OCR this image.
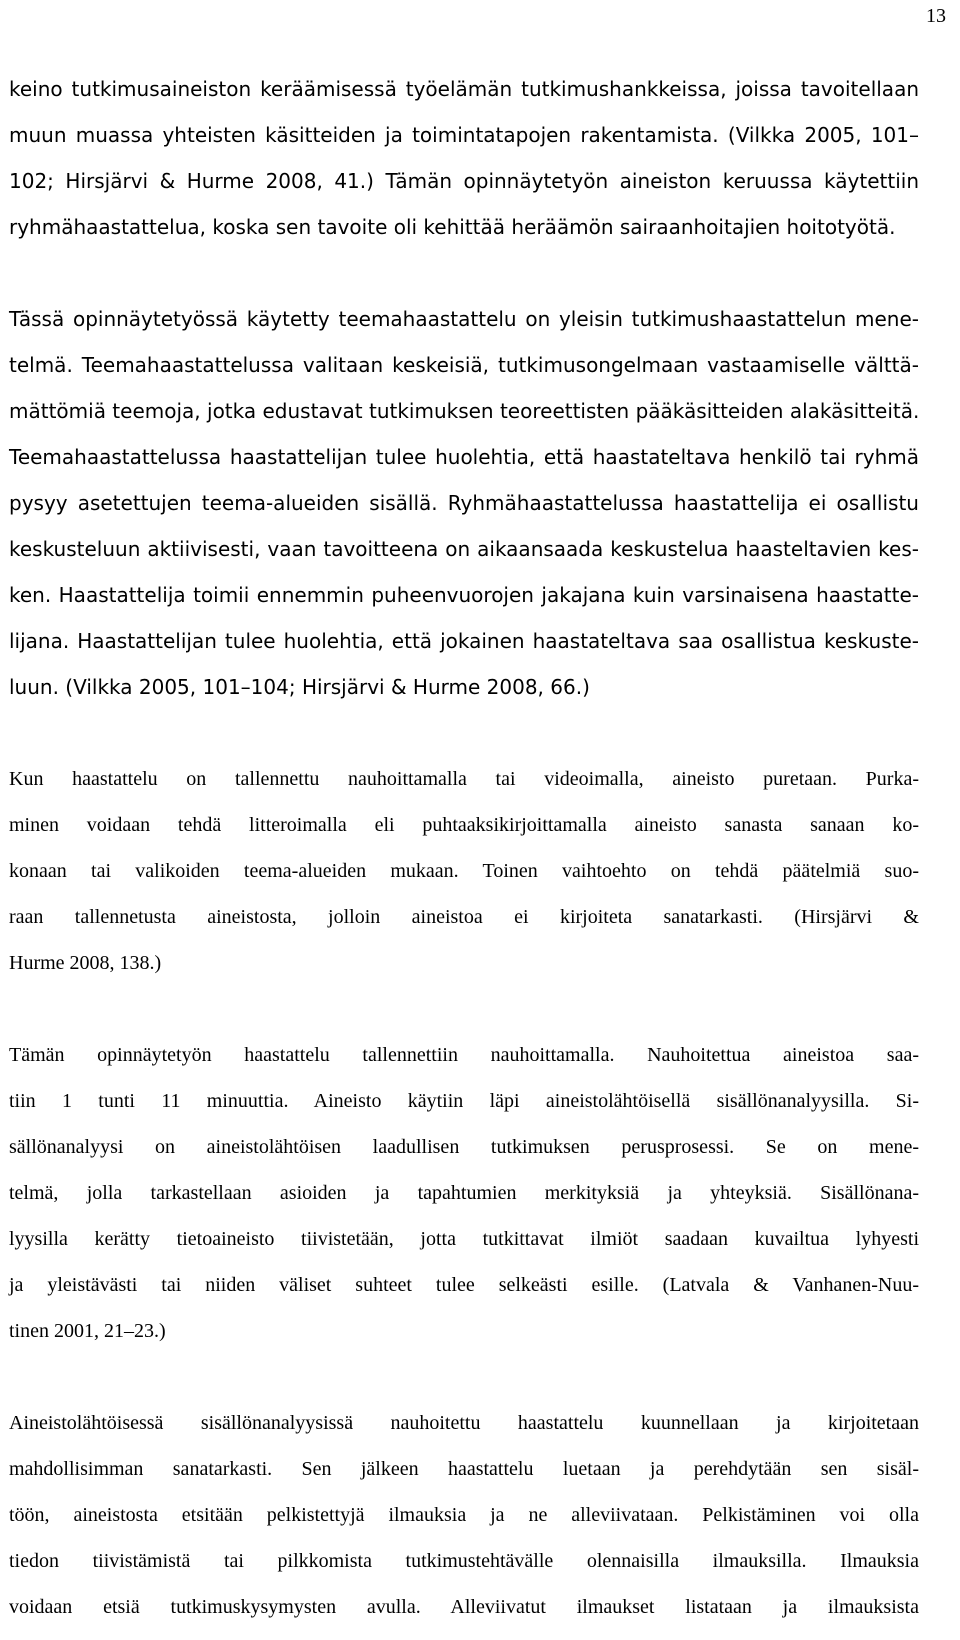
13

keino tutkimusaineiston keräämisessä työelämän tutkimushankkeissa, joissa tavoitellaan
muun muassa yhteisten käsitteiden ja toimintatapojen rakentamista. (Vilkka 2005, 101–
102; Hirsjärvi & Hurme 2008, 41.) Tämän opinnäytetyön aineiston keruussa käytettiin
ryhmähaastattelua, koska sen tavoite oli kehittää heräämön sairaanhoitajien hoitotyötä.

Tässä opinnäytetyössä käytetty teemahaastattelu on yleisin tutkimushaastattelun mene-
telmä. Teemahaastattelussa valitaan keskeisiä, tutkimusongelmaan vastaamiselle välttä-
mättömiä teemoja, jotka edustavat tutkimuksen teoreettisten pääkäsitteiden alakäsitteitä.
Teemahaastattelussa haastattelijan tulee huolehtia, että haastateltava henkilö tai ryhmä
pysyy asetettujen teema-alueiden sisällä. Ryhmähaastattelussa haastattelija ei osallistu
keskusteluun aktiivisesti, vaan tavoitteena on aikaansaada keskustelua haasteltavien kes-
ken. Haastattelija toimii ennemmin puheenvuorojen jakajana kuin varsinaisena haastatte-
lijana. Haastattelijan tulee huolehtia, että jokainen haastateltava saa osallistua keskuste-
luun. (Vilkka 2005, 101–104; Hirsjärvi & Hurme 2008, 66.)

Kun haastattelu on tallennettu nauhoittamalla tai videoimalla, aineisto puretaan. Purka-
minen voidaan tehdä litteroimalla eli puhtaaksikirjoittamalla aineisto sanasta sanaan ko-
konaan tai valikoiden teema-alueiden mukaan. Toinen vaihtoehto on tehdä päätelmiä suo-
raan tallennetusta aineistosta, jolloin aineistoa ei kirjoiteta sanatarkasti. (Hirsjärvi &
Hurme 2008, 138.)

Tämän opinnäytetyön haastattelu tallennettiin nauhoittamalla. Nauhoitettua aineistoa saa-
tiin 1 tunti 11 minuuttia. Aineisto käytiin läpi aineistolähtöisellä sisällönanalyysilla. Si-
sällönanalyysi on aineistolähtöisen laadullisen tutkimuksen perusprosessi. Se on mene-
telmä, jolla tarkastellaan asioiden ja tapahtumien merkityksiä ja yhteyksiä. Sisällönana-
lyysilla kerätty tietoaineisto tiivistetään, jotta tutkittavat ilmiöt saadaan kuvailtua lyhyesti
ja yleistävästi tai niiden väliset suhteet tulee selkeästi esille. (Latvala & Vanhanen-Nuu-
tinen 2001, 21–23.)

Aineistolähtöisessä sisällönanalyysissä nauhoitettu haastattelu kuunnellaan ja kirjoitetaan
mahdollisimman sanatarkasti. Sen jälkeen haastattelu luetaan ja perehdytään sen sisäl-
töön, aineistosta etsitään pelkistettyjä ilmauksia ja ne alleviivataan. Pelkistäminen voi olla
tiedon tiivistämistä tai pilkkomista tutkimustehtävälle olennaisilla ilmauksilla. Ilmauksia
voidaan etsiä tutkimuskysymysten avulla. Alleviivatut ilmaukset listataan ja ilmauksista
